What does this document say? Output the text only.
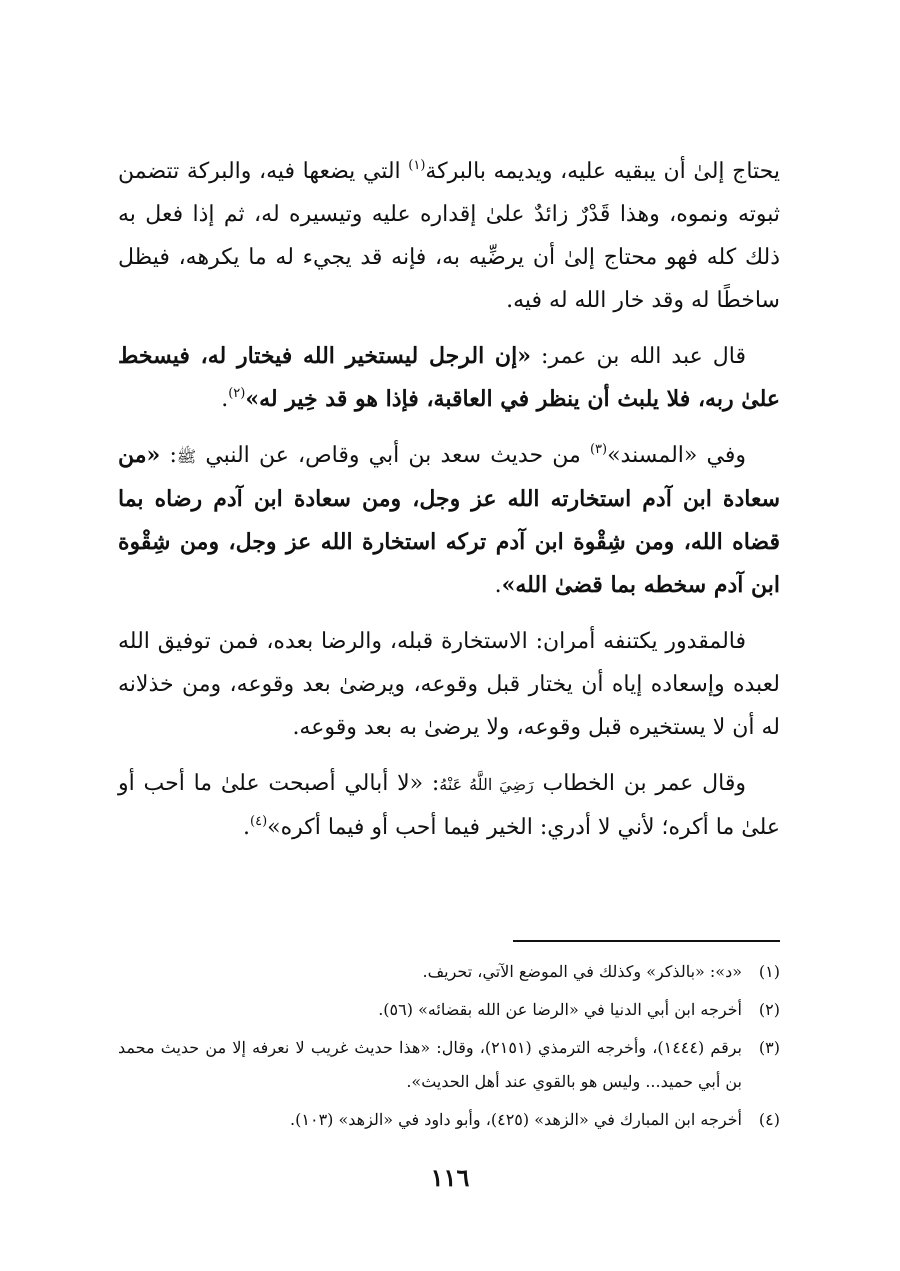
يحتاج إلىٰ أن يبقيه عليه، ويديمه بالبركة$^{(١)}$ التي يضعها فيه، والبركة تتضمن ثبوته ونموه، وهذا قَدْرٌ زائدٌ علىٰ إقداره عليه وتيسيره له، ثم إذا فعل به ذلك كله فهو محتاج إلىٰ أن يرضِّيه به، فإنه قد يجيء له ما يكرهه، فيظل ساخطًا له وقد خار الله له فيه.

قال عبد الله بن عمر: «إن الرجل ليستخير الله فيختار له، فيسخط علىٰ ربه، فلا يلبث أن ينظر في العاقبة، فإذا هو قد خِير له»$^{(٢)}$.

وفي «المسند»$^{(٣)}$ من حديث سعد بن أبي وقاص، عن النبي ﷺ: «من سعادة ابن آدم استخارته الله عز وجل، ومن سعادة ابن آدم رضاه بما قضاه الله، ومن شِقْوة ابن آدم تركه استخارة الله عز وجل، ومن شِقْوة ابن آدم سخطه بما قضىٰ الله».

فالمقدور يكتنفه أمران: الاستخارة قبله، والرضا بعده، فمن توفيق الله لعبده وإسعاده إياه أن يختار قبل وقوعه، ويرضىٰ بعد وقوعه، ومن خذلانه له أن لا يستخيره قبل وقوعه، ولا يرضىٰ به بعد وقوعه.

وقال عمر بن الخطاب رَضِيَ اللَّهُ عَنْهُ: «لا أبالي أصبحت علىٰ ما أحب أو علىٰ ما أكره؛ لأني لا أدري: الخير فيما أحب أو فيما أكره»$^{(٤)}$.

(١)
«د»: «بالذكر» وكذلك في الموضع الآتي، تحريف.
(٢)
أخرجه ابن أبي الدنيا في «الرضا عن الله بقضائه» (٥٦).
(٣)
برقم (١٤٤٤)، وأخرجه الترمذي (٢١٥١)، وقال: «هذا حديث غريب لا نعرفه إلا من حديث محمد بن أبي حميد... وليس هو بالقوي عند أهل الحديث».
(٤)
أخرجه ابن المبارك في «الزهد» (٤٢٥)، وأبو داود في «الزهد» (١٠٣).
١١٦
